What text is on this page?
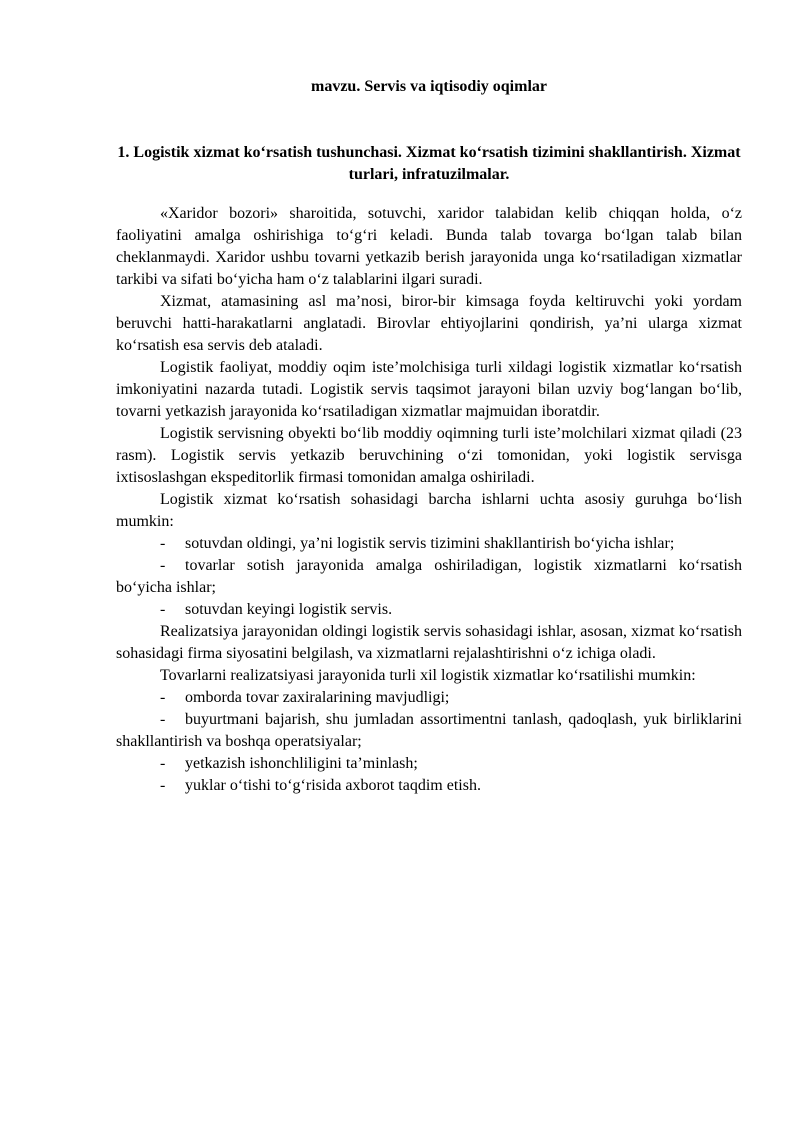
mavzu. Servis va iqtisodiy oqimlar

1. Logistik xizmat koʻrsatish tushunchasi. Xizmat koʻrsatish tizimini shakllantirish. Xizmat turlari, infratuzilmalar.

«Xaridor bozori» sharoitida, sotuvchi, xaridor talabidan kelib chiqqan holda, oʻz faoliyatini amalga oshirishiga toʻgʻri keladi. Bunda talab tovarga boʻlgan talab bilan cheklanmaydi. Xaridor ushbu tovarni yetkazib berish jarayonida unga koʻrsatiladigan xizmatlar tarkibi va sifati boʻyicha ham oʻz talablarini ilgari suradi.

Xizmat, atamasining asl ma’nosi, biror-bir kimsaga foyda keltiruvchi yoki yordam beruvchi hatti-harakatlarni anglatadi. Birovlar ehtiyojlarini qondirish, ya’ni ularga xizmat koʻrsatish esa servis deb ataladi.

Logistik faoliyat, moddiy oqim iste’molchisiga turli xildagi logistik xizmatlar koʻrsatish imkoniyatini nazarda tutadi. Logistik servis taqsimot jarayoni bilan uzviy bogʻlangan boʻlib, tovarni yetkazish jarayonida koʻrsatiladigan xizmatlar majmuidan iboratdir.

Logistik servisning obyekti boʻlib moddiy oqimning turli iste’molchilari xizmat qiladi (23 rasm). Logistik servis yetkazib beruvchining oʻzi tomonidan, yoki logistik servisga ixtisoslashgan ekspeditorlik firmasi tomonidan amalga oshiriladi.

Logistik xizmat koʻrsatish sohasidagi barcha ishlarni uchta asosiy guruhga boʻlish mumkin:

- sotuvdan oldingi, ya’ni logistik servis tizimini shakllantirish boʻyicha ishlar;

- tovarlar sotish jarayonida amalga oshiriladigan, logistik xizmatlarni koʻrsatish boʻyicha ishlar;

- sotuvdan keyingi logistik servis.

Realizatsiya jarayonidan oldingi logistik servis sohasidagi ishlar, asosan, xizmat koʻrsatish sohasidagi firma siyosatini belgilash, va xizmatlarni rejalashtirishni oʻz ichiga oladi.

Tovarlarni realizatsiyasi jarayonida turli xil logistik xizmatlar koʻrsatilishi mumkin:

- omborda tovar zaxiralarining mavjudligi;

- buyurtmani bajarish, shu jumladan assortimentni tanlash, qadoqlash, yuk birliklarini shakllantirish va boshqa operatsiyalar;

- yetkazish ishonchliligini ta’minlash;

- yuklar oʻtishi toʻgʻrisida axborot taqdim etish.
